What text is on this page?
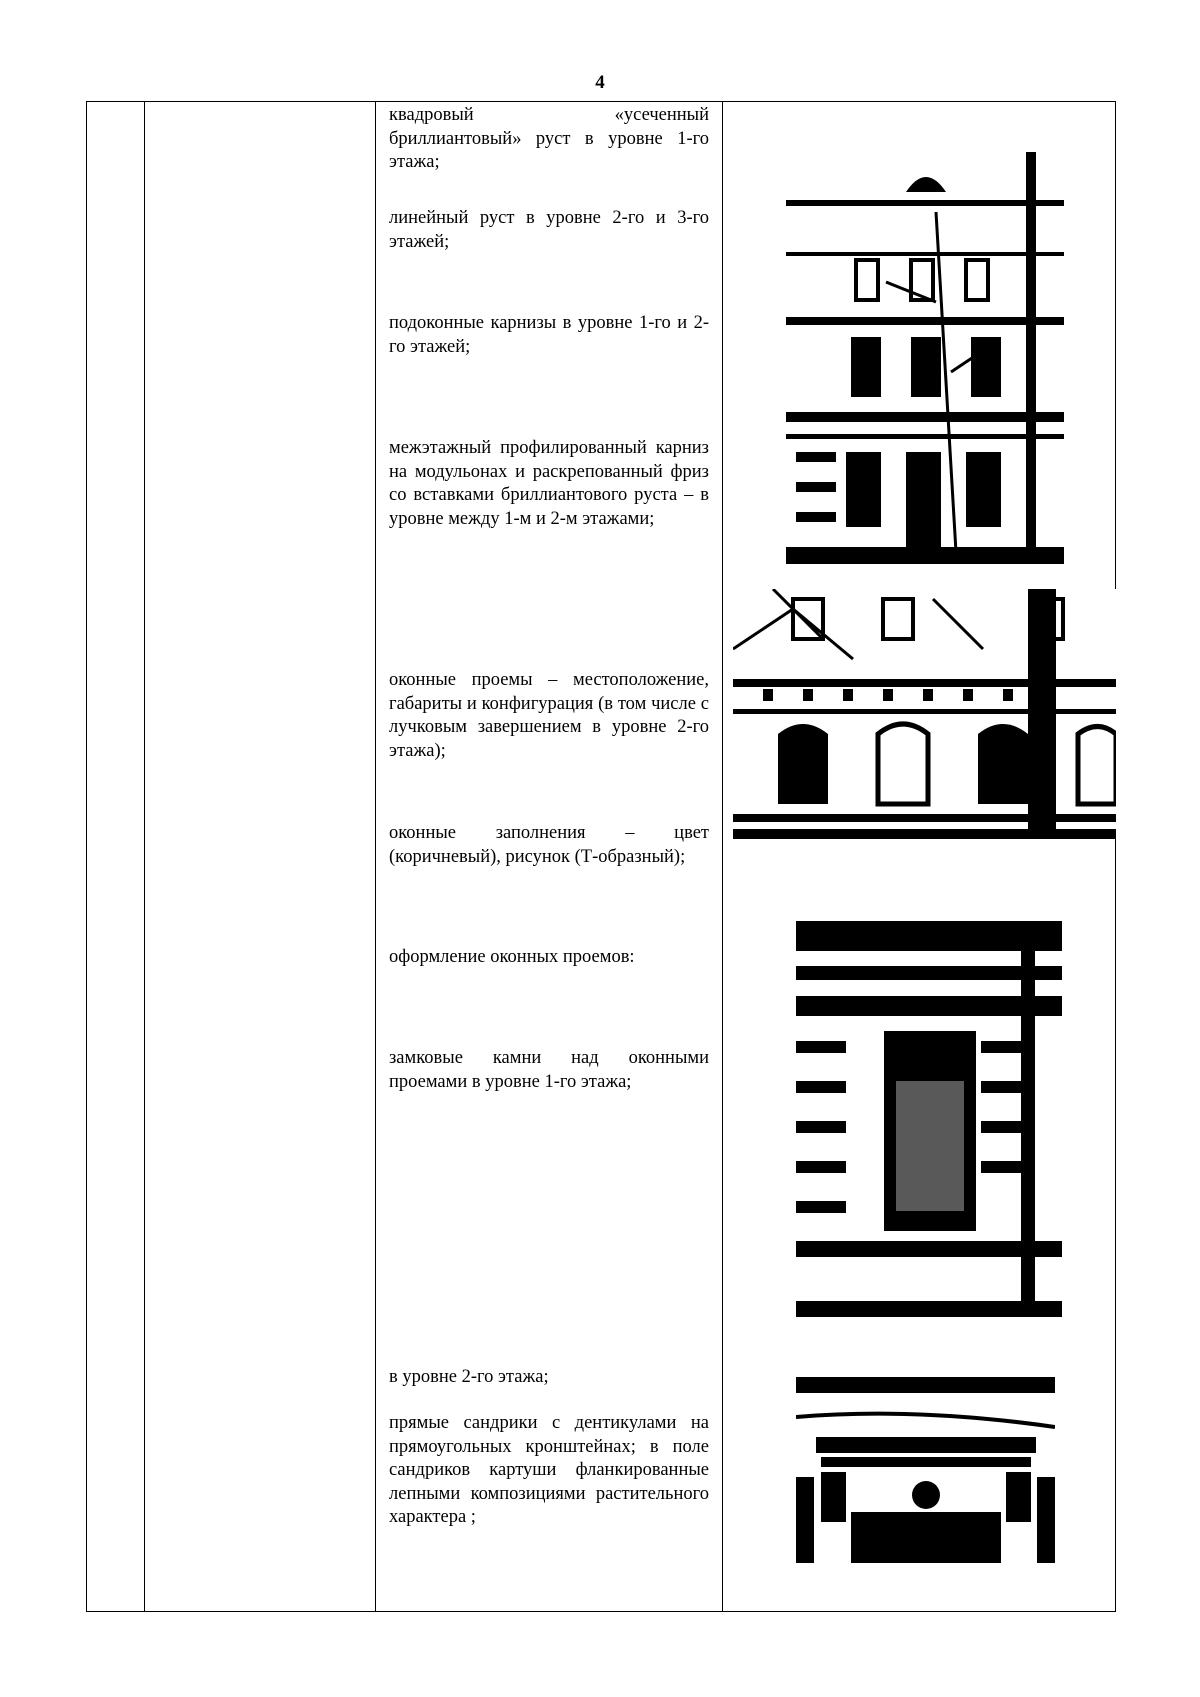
4

квадровый «усеченный бриллиантовый» руст в уровне 1-го этажа;
линейный руст в уровне 2-го и 3-го этажей;
подоконные карнизы в уровне 1-го и 2-го этажей;
межэтажный профилированный карниз на модульонах и раскрепованный фриз со вставками бриллиантового руста – в уровне между 1-м и 2-м этажами;
оконные проемы – местоположение, габариты и конфигурация (в том числе с лучковым завершением в уровне 2-го этажа);
оконные заполнения – цвет (коричневый), рисунок (Т-образный);
оформление оконных проемов:
замковые камни над оконными проемами в уровне 1-го этажа;
в уровне 2-го этажа;
прямые сандрики с дентикулами на прямоугольных кронштейнах; в поле сандриков картуши фланкированные лепными композициями растительного характера ;
